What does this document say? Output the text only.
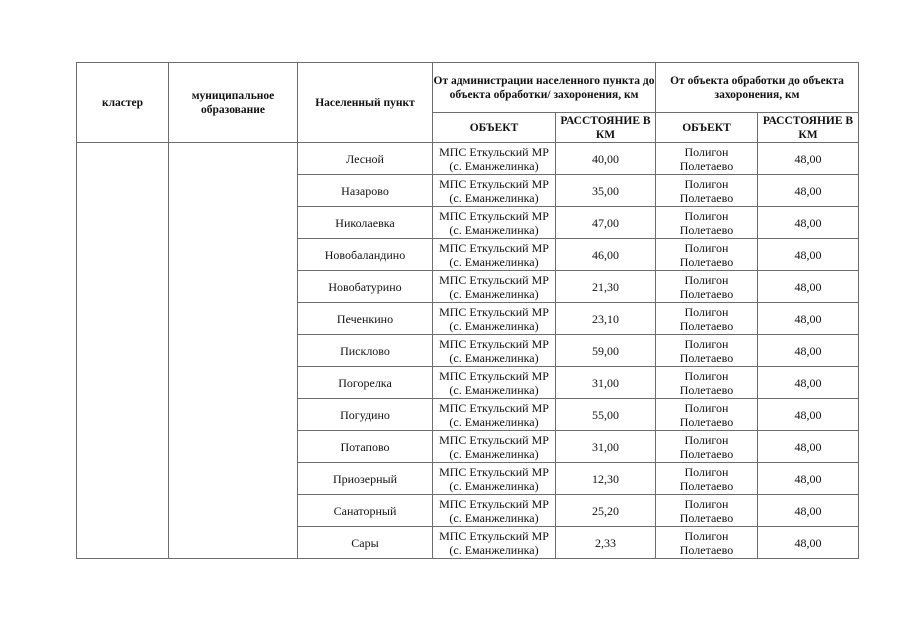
кластер	муниципальное образование	Населенный пункт	От администрации населенного пункта до объекта обработки/ захоронения, км		От объекта обработки до объекта захоронения, км	
			ОБЪЕКТ	РАССТОЯНИЕ В КМ	ОБЪЕКТ	РАССТОЯНИЕ В КМ
		Лесной	МПС Еткульский МР
(с. Еманжелинка)	40,00	Полигон
Полетаево	48,00
		Назарово	МПС Еткульский МР
(с. Еманжелинка)	35,00	Полигон
Полетаево	48,00
		Николаевка	МПС Еткульский МР
(с. Еманжелинка)	47,00	Полигон
Полетаево	48,00
		Новобаландино	МПС Еткульский МР
(с. Еманжелинка)	46,00	Полигон
Полетаево	48,00
		Новобатурино	МПС Еткульский МР
(с. Еманжелинка)	21,30	Полигон
Полетаево	48,00
		Печенкино	МПС Еткульский МР
(с. Еманжелинка)	23,10	Полигон
Полетаево	48,00
		Писклово	МПС Еткульский МР
(с. Еманжелинка)	59,00	Полигон
Полетаево	48,00
		Погорелка	МПС Еткульский МР
(с. Еманжелинка)	31,00	Полигон
Полетаево	48,00
		Погудино	МПС Еткульский МР
(с. Еманжелинка)	55,00	Полигон
Полетаево	48,00
		Потапово	МПС Еткульский МР
(с. Еманжелинка)	31,00	Полигон
Полетаево	48,00
		Приозерный	МПС Еткульский МР
(с. Еманжелинка)	12,30	Полигон
Полетаево	48,00
		Санаторный	МПС Еткульский МР
(с. Еманжелинка)	25,20	Полигон
Полетаево	48,00
		Сары	МПС Еткульский МР
(с. Еманжелинка)	2,33	Полигон
Полетаево	48,00
